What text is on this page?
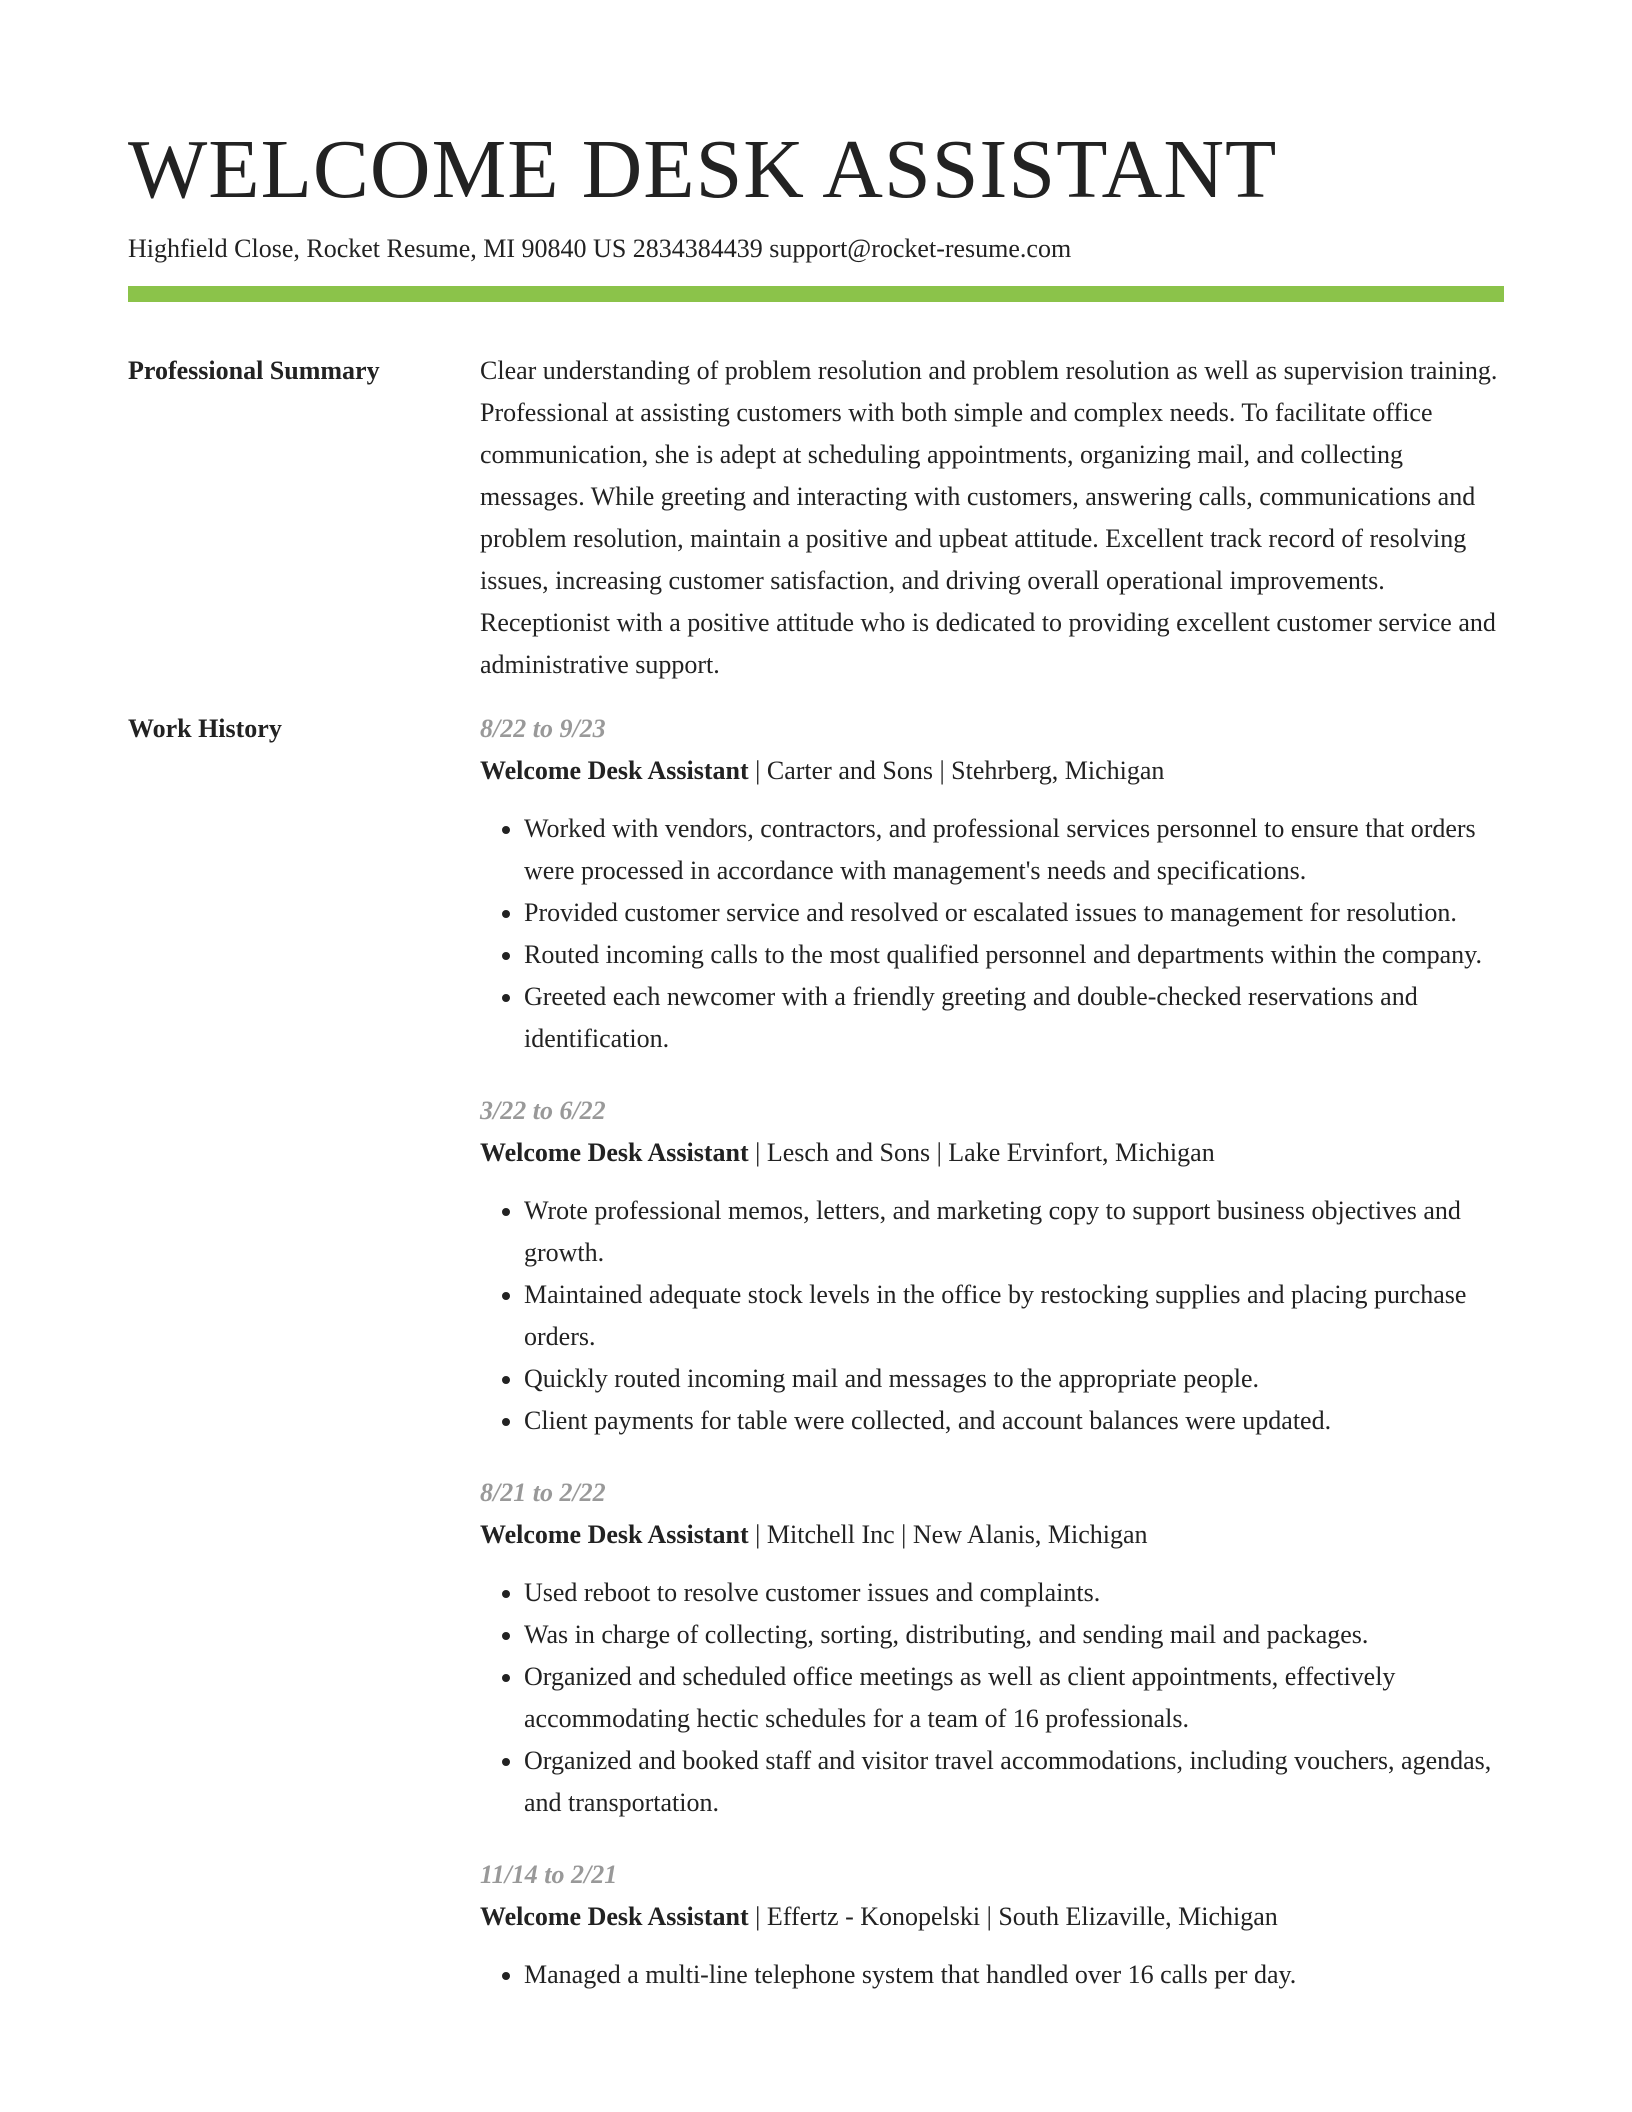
WELCOME DESK ASSISTANT
Highfield Close, Rocket Resume, MI 90840 US 2834384439 support@rocket-resume.com
Professional Summary	Clear understanding of problem resolution and problem resolution as well as supervision training. Professional at assisting customers with both simple and complex needs. To facilitate office communication, she is adept at scheduling appointments, organizing mail, and collecting messages. While greeting and interacting with customers, answering calls, communications and problem resolution, maintain a positive and upbeat attitude. Excellent track record of resolving issues, increasing customer satisfaction, and driving overall operational improvements. Receptionist with a positive attitude who is dedicated to providing excellent customer service and administrative support.

Work History	8/22 to 9/23
Welcome Desk Assistant | Carter and Sons | Stehrberg, Michigan
• Worked with vendors, contractors, and professional services personnel to ensure that orders were processed in accordance with management's needs and specifications.
• Provided customer service and resolved or escalated issues to management for resolution.
• Routed incoming calls to the most qualified personnel and departments within the company.
• Greeted each newcomer with a friendly greeting and double-checked reservations and identification.
3/22 to 6/22
Welcome Desk Assistant | Lesch and Sons | Lake Ervinfort, Michigan
• Wrote professional memos, letters, and marketing copy to support business objectives and growth.
• Maintained adequate stock levels in the office by restocking supplies and placing purchase orders.
• Quickly routed incoming mail and messages to the appropriate people.
• Client payments for table were collected, and account balances were updated.
8/21 to 2/22
Welcome Desk Assistant | Mitchell Inc | New Alanis, Michigan
• Used reboot to resolve customer issues and complaints.
• Was in charge of collecting, sorting, distributing, and sending mail and packages.
• Organized and scheduled office meetings as well as client appointments, effectively accommodating hectic schedules for a team of 16 professionals.
• Organized and booked staff and visitor travel accommodations, including vouchers, agendas, and transportation.
11/14 to 2/21
Welcome Desk Assistant | Effertz - Konopelski | South Elizaville, Michigan
• Managed a multi-line telephone system that handled over 16 calls per day.
